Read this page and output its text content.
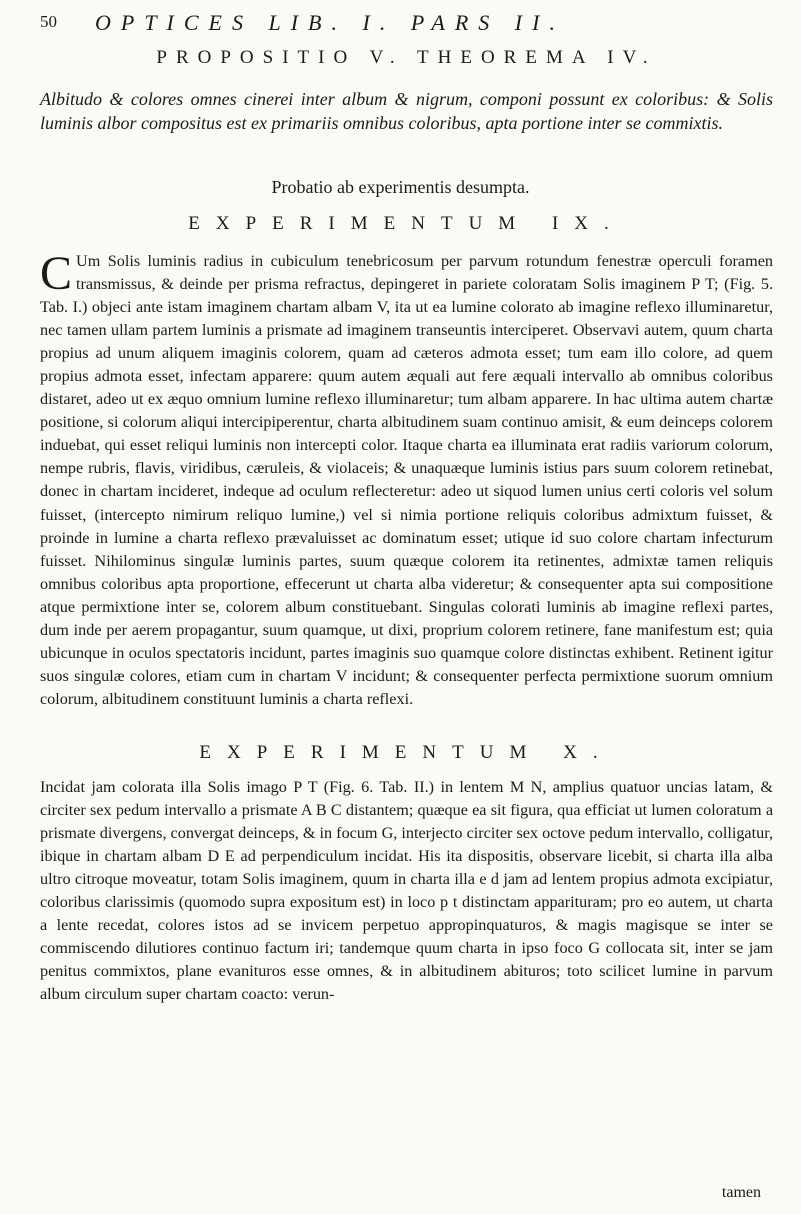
50 OPTICES LIB. I. PARS II.
PROPOSITIO V. THEOREMA IV.
Albitudo & colores omnes cinerei inter album & nigrum, componi possunt ex coloribus: & Solis luminis albor compositus est ex primariis omnibus coloribus, apta portione inter se commixtis.
Probatio ab experimentis desumpta.
EXPERIMENTUM IX.
C Um Solis luminis radius in cubiculum tenebricosum per parvum rotundum fenestræ operculi foramen transmissus, & deinde per prismа refractus, depingeret in pariete coloratam Solis imaginem P T; (Fig. 5. Tab. I.) objeci ante istam imaginem chartam albam V, ita ut ea lumine colorato ab imagine reflexo illuminaretur, nec tamen ullam partem luminis a prismate ad imaginem transeuntis interciperet. Observavi autem, quum charta propius ad unum aliquem imaginis colorem, quam ad cæteros admota esset; tum eam illo colore, ad quem propius admota esset, infectam apparere: quum autem æquali aut fere æquali intervallo ab omnibus coloribus distaret, adeo ut ex æquo omnium lumine reflexo illuminaretur; tum albam apparere. In hac ultima autem chartæ positione, si colorum aliqui intercipiperentur, charta albitudinem suam continuo amisit, & eum deinceps colorem induebat, qui esset reliqui luminis non intercepti color. Itaque charta ea illuminata erat radiis variorum colorum, nempe rubris, flavis, viridibus, cæruleis, & violaceis; & unaquæque luminis istius pars suum colorem retinebat, donec in chartam incideret, indeque ad oculum reflecteretur: adeo ut siquod lumen unius certi coloris vel solum fuisset, (intercepto nimirum reliquo lumine,) vel si nimia portione reliquis coloribus admixtum fuisset, & proinde in lumine a charta reflexo prævaluisset ac dominatum esset; utique id suo colore chartam infecturum fuisset. Nihilominus singulæ luminis partes, suum quæque colorem ita retinentes, admixtæ tamen reliquis omnibus coloribus apta proportione, effecerunt ut charta alba videretur; & consequenter apta sui compositione atque permixtione inter se, colorem album constituebant. Singulas colorati luminis ab imagine reflexi partes, dum inde per aerem propagantur, suum quamque, ut dixi, proprium colorem retinere, fane manifestum est; quia ubicunque in oculos spectatoris incidunt, partes imaginis suo quamque colore distinctas exhibent. Retinent igitur suos singulæ colores, etiam cum in chartam V incidunt; & consequenter perfecta permixtione suorum omnium colorum, albitudinem constituunt luminis a charta reflexi.
EXPERIMENTUM X.
Incidat jam colorata illa Solis imago P T (Fig. 6. Tab. II.) in lentem M N, amplius quatuor uncias latam, & circiter sex pedum intervallo a prismate A B C distantem; quæque ea sit figura, qua efficiat ut lumen coloratum a prismate divergens, convergat deinceps, & in focum G, interjecto circiter sex octove pedum intervallo, colligatur, ibique in chartam albam D E ad perpendiculum incidat. His ita dispositis, observare licebit, si charta illa alba ultro citroque moveatur, totam Solis imaginem, quum in charta illa e d jam ad lentem propius admota excipiatur, coloribus clarissimis (quomodo supra expositum est) in loco p t distinctam apparituram; pro eo autem, ut charta a lente recedat, colores istos ad se invicem perpetuo appropinquaturos, & magis magisque se inter se commiscendo dilutiores continuo factum iri; tandemque quum charta in ipso foco G collocata sit, inter se jam penitus commixtos, plane evanituros esse omnes, & in albitudinem abituros; toto scilicet lumine in parvum album circulum super chartam coacto: verun-
tamen
